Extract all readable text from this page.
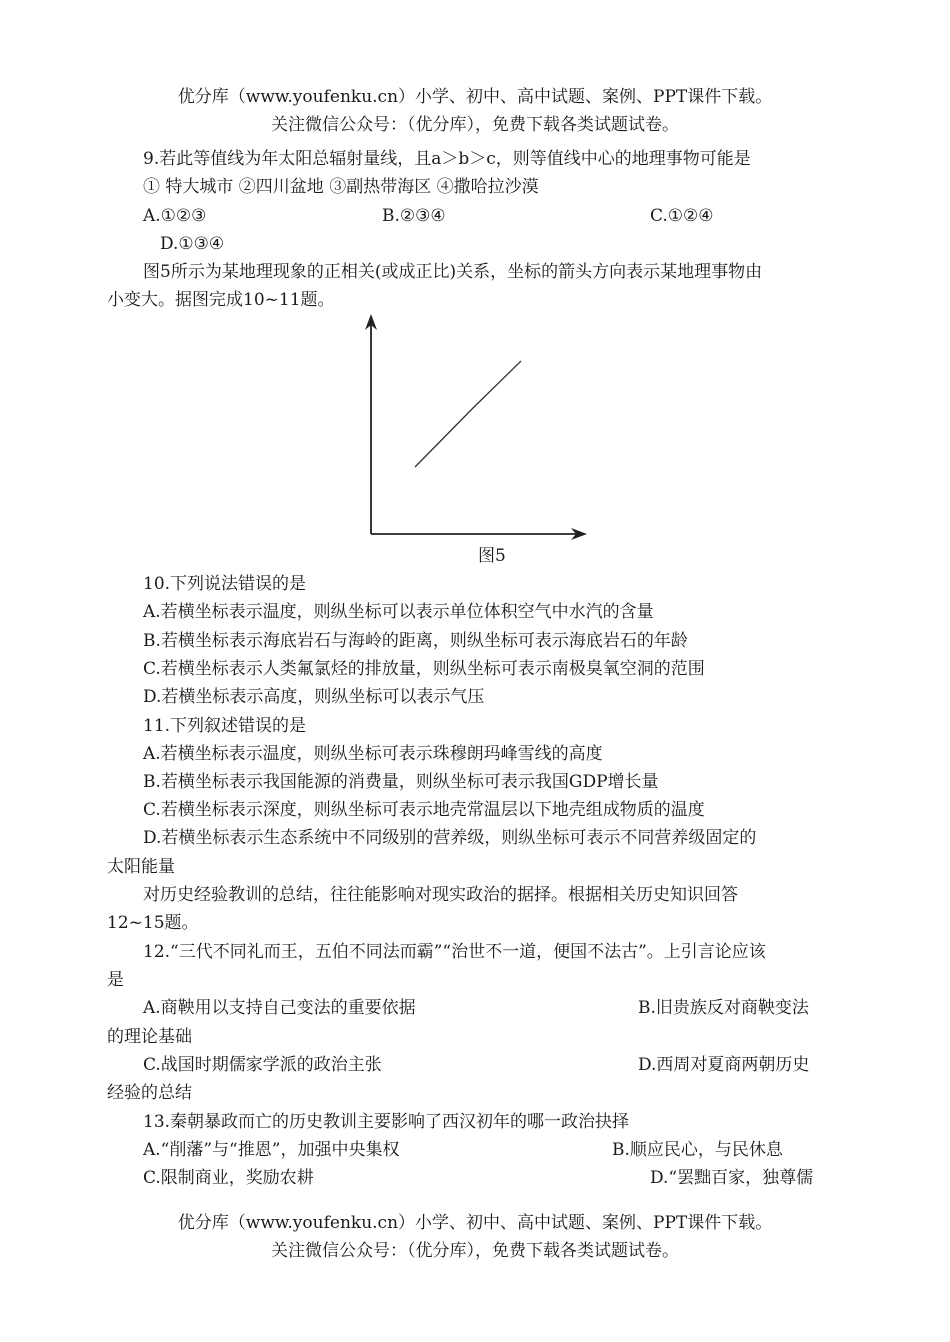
优分库（www.youfenku.cn）小学、初中、高中试题、案例、PPT课件下载。
关注微信公众号：（优分库），免费下载各类试题试卷。
9.若此等值线为年太阳总辐射量线，且a＞b＞c，则等值线中心的地理事物可能是
① 特大城市 ②四川盆地 ③副热带海区 ④撒哈拉沙漠
A.①②③	B.②③④	C.①②④
D.①③④
图5所示为某地理现象的正相关(或成正比)关系，坐标的箭头方向表示某地理事物由
小变大。据图完成10~11题。
图5
10.下列说法错误的是
A.若横坐标表示温度，则纵坐标可以表示单位体积空气中水汽的含量
B.若横坐标表示海底岩石与海岭的距离，则纵坐标可表示海底岩石的年龄
C.若横坐标表示人类氟氯烃的排放量，则纵坐标可表示南极臭氧空洞的范围
D.若横坐标表示高度，则纵坐标可以表示气压
11.下列叙述错误的是
A.若横坐标表示温度，则纵坐标可表示珠穆朗玛峰雪线的高度
B.若横坐标表示我国能源的消费量，则纵坐标可表示我国GDP增长量
C.若横坐标表示深度，则纵坐标可表示地壳常温层以下地壳组成物质的温度
D.若横坐标表示生态系统中不同级别的营养级，则纵坐标可表示不同营养级固定的
太阳能量
对历史经验教训的总结，往往能影响对现实政治的据择。根据相关历史知识回答
12~15题。
12.“三代不同礼而王，五伯不同法而霸”“治世不一道，便国不法古”。上引言论应该
是
A.商鞅用以支持自己变法的重要依据	B.旧贵族反对商鞅变法
的理论基础
C.战国时期儒家学派的政治主张	D.西周对夏商两朝历史
经验的总结
13.秦朝暴政而亡的历史教训主要影响了西汉初年的哪一政治抉择
A.“削藩”与“推恩”，加强中央集权	B.顺应民心，与民休息
C.限制商业，奖励农耕	D.“罢黜百家，独尊儒
优分库（www.youfenku.cn）小学、初中、高中试题、案例、PPT课件下载。
关注微信公众号：（优分库），免费下载各类试题试卷。
